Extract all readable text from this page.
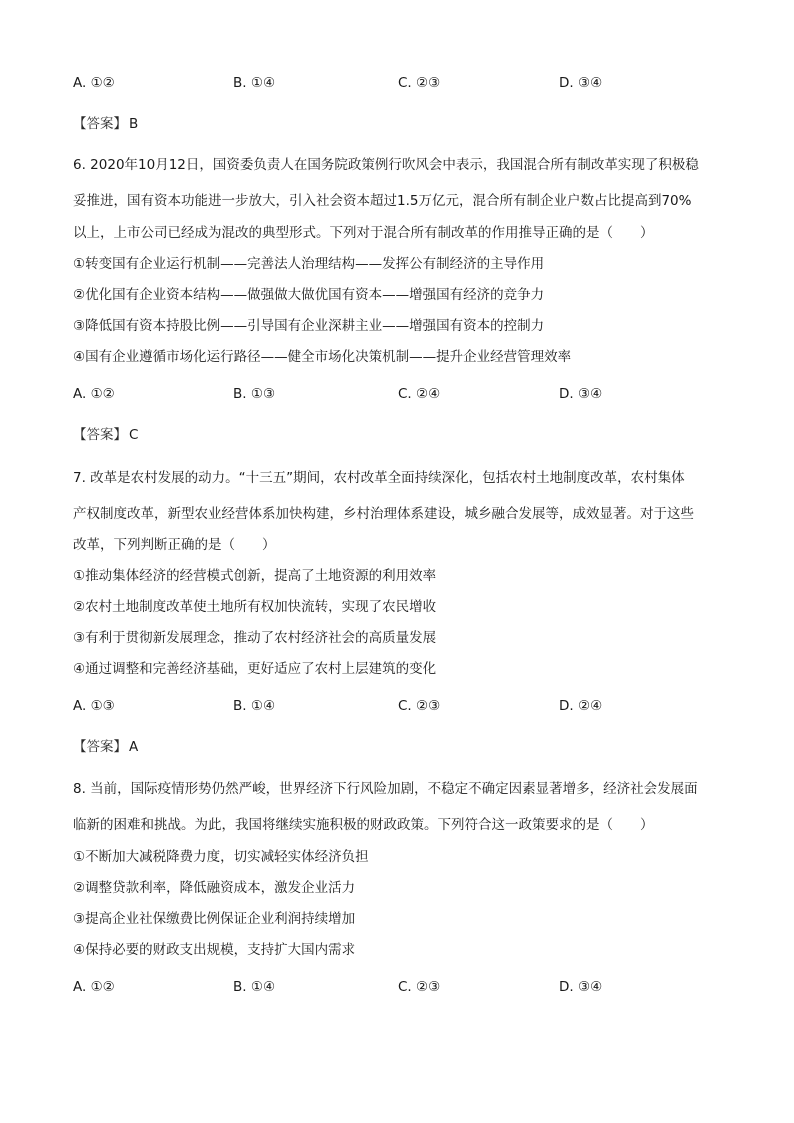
A. ①②	B. ①④	C. ②③	D. ③④
【答案】 B
6. 2020年10月12日，国资委负责人在国务院政策例行吹风会中表示，我国混合所有制改革实现了积极稳
妥推进，国有资本功能进一步放大，引入社会资本超过1.5万亿元，混合所有制企业户数占比提高到70%
以上，上市公司已经成为混改的典型形式。下列对于混合所有制改革的作用推导正确的是（　　）
①转变国有企业运行机制——完善法人治理结构——发挥公有制经济的主导作用
②优化国有企业资本结构——做强做大做优国有资本——增强国有经济的竞争力
③降低国有资本持股比例——引导国有企业深耕主业——增强国有资本的控制力
④国有企业遵循市场化运行路径——健全市场化决策机制——提升企业经营管理效率
A. ①②	B. ①③	C. ②④	D. ③④
【答案】 C
7. 改革是农村发展的动力。“十三五”期间，农村改革全面持续深化，包括农村土地制度改革，农村集体
产权制度改革，新型农业经营体系加快构建，乡村治理体系建设，城乡融合发展等，成效显著。对于这些
改革，下列判断正确的是（　　）
①推动集体经济的经营模式创新，提高了土地资源的利用效率
②农村土地制度改革使土地所有权加快流转，实现了农民增收
③有利于贯彻新发展理念，推动了农村经济社会的高质量发展
④通过调整和完善经济基础，更好适应了农村上层建筑的变化
A. ①③	B. ①④	C. ②③	D. ②④
【答案】 A
8. 当前，国际疫情形势仍然严峻，世界经济下行风险加剧，不稳定不确定因素显著增多，经济社会发展面
临新的困难和挑战。为此，我国将继续实施积极的财政政策。下列符合这一政策要求的是（　　）
①不断加大减税降费力度，切实减轻实体经济负担
②调整贷款利率，降低融资成本，激发企业活力
③提高企业社保缴费比例保证企业利润持续增加
④保持必要的财政支出规模，支持扩大国内需求
A. ①②	B. ①④	C. ②③	D. ③④
